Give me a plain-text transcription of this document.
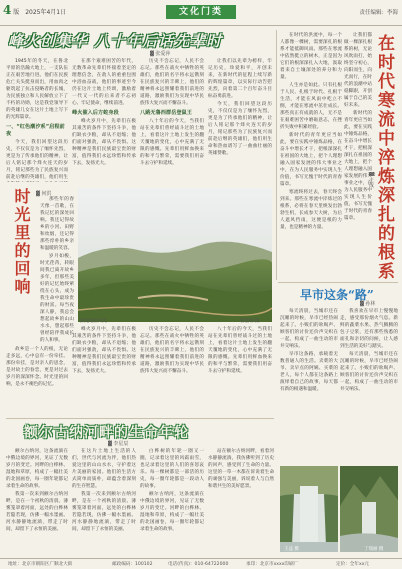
4 版 2025年4月1日	文化门类	责任编辑：李海
峰火创集华 八十年后话先辈时
▓ 张爱萍

1945年的冬天，在鲁北平原的浩瀚大地上，一支队伍正在艰苦地行进。他们在民族危亡关头挺身而出，用血肉之躯筑起了抗击侵略者的长城，为民族独立和人民解放立下了不朽的功勋，这是我党领导下的英雄儿女在这片土地上写下的光辉篇章。

一、“红色潮汐系”启程前夜

今天，我们回望这段历史，不仅仅是为了缅怀先烈，更是为了传承他们的精神，让后人铭记那个烽火连天的岁月，铭记那些为了民族复兴而前赴后继的英雄们，他们用生

在那个艰难困苦的年代，无数革命先辈们怀揣着坚定的理想信念，在敌人的重重包围中浴血奋战，他们的事迹至今仍在这片土地上传颂，激励着一代又一代的后来者不忘初心、牢记使命，继续前进。

峰火催入后方蛇身段

峰火岁月中，先辈们在极其艰苦的条件下坚持斗争，他们缺衣少粮，却从不退缩；他们面对强敌，却从不畏惧。这种精神是我们民族最宝贵的财富，值得我们永远珍惜和传承下去，发扬光大。

历史不会忘记，人民不会忘记。那些在战火中牺牲的英雄们，他们的名字将永远镌刻在民族复兴的丰碑上，他们的精神将永远照耀着我们前进的道路，激励我们为实现中华民族伟大复兴而不懈奋斗。

八路无鲁西群岳登鼠王

八十年后的今天，当我们站在先辈们曾经战斗过的土地上，看着这片土地上发生的翻天覆地的变化，心中充满了无限的感慨。先辈们用鲜血换来的和平与繁荣，需要我们用奋斗去守护和延续。

让我们以先辈为榜样，牢记历史，珍爱和平，开创未来，在新时代的征程上续写新的辉煌篇章，以实际行动告慰先烈，向着第二个百年奋斗目标奋勇前进。

今天，我们回望这段历史，不仅仅是为了缅怀先烈，更是为了传承他们的精神，让后人铭记那个烽火连天的岁月，铭记那些为了民族复兴而前赴后继的英雄们，他们用生命和热血谱写了一曲曲壮丽的英雄赞歌。

时光里的回响	▓ 何洪

那些年的春天像一首歌，在我记忆的深处回响。我还记得故乡的小河、田野和炊烟，还记得那些淳朴的乡亲和温暖的笑容。

岁月如梭，时光荏苒，转眼间我已离开故乡多年，但那些美好的记忆始终萦绕在心头，成为我生命中最珍贵的财富。每当夜深人静，我总会想起故乡的山山水水，想起那些曾经陪伴我成长的人和事。

黑龙地区风光	曹金瑞 摄

故乡是一个人的根，无论走多远，心中总有一份牵挂。那份牵挂，是对亲人的思念，是对故土的眷恋，更是对过去岁月的深深怀念。时光里的回响，是永不褪色的记忆。

峰火岁月中，先辈们在极其艰苦的条件下坚持斗争，他们缺衣少粮，却从不退缩；他们面对强敌，却从不畏惧。这种精神是我们民族最宝贵的财富，值得我们永远珍惜和传承下去，发扬光大。

历史不会忘记，人民不会忘记。那些在战火中牺牲的英雄们，他们的名字将永远镌刻在民族复兴的丰碑上，他们的精神将永远照耀着我们前进的道路，激励我们为实现中华民族伟大复兴而不懈奋斗。

八十年后的今天，当我们站在先辈们曾经战斗过的土地上，看着这片土地上发生的翻天覆地的变化，心中充满了无限的感慨。先辈们用鲜血换来的和平与繁荣，需要我们用奋斗去守护和延续。

在时代的洪流中，每一个人都像一棵树，需要深扎的根系才能抵御风雨。那些在寒流中依然挺立的树木，正是因为它们的根深深扎入大地，汲取着来自土壤深处的养分和力量。

人生亦是如此。只有扎根于人民、扎根于时代、扎根于生活，才能在风雨中屹立不倒，才能在寒流中茁壮成长。那些真正有成就的人，无不是在艰难困苦中磨砺意志，在挫折失败中积累经验。

新时代的青年更应当如此，要在实践中锤炼品格，在奋斗中增长才干，把根深深扎在祖国的大地上，把个人理想融入国家发展的伟大事业之中，在为人民服务中实现人生价值，书写无愧于时代的青春篇章。

寒流终将过去，春天终会到来。那些在寒流中淬炼过的根系，必将在春天里焕发出勃勃生机，长成参天大树，为后人遮风挡雨，这便是根的力量，也是精神的力量。

让我们都做一棵深扎根系的树，无论风吹雨打，始终坚守初心，向阳而生，向光而行，在时代的浪潮中站稳脚跟，开创属于自己的美好未来。

新时代的青年更应当如此，要在实践中锤炼品格，在奋斗中增长才干，把根深深扎在祖国的大地上，把个人理想融入国家发展的伟大事业之中，在为人民服务中实现人生价值，书写无愧于时代的青春篇章。 在时代寒流中淬炼深扎的根系
▓ 王成
早市这条“路”
▓ 孙林

每天清晨，当城市还在沉睡的时候，早市已经热闹起来了。小贩们的吆喝声、顾客们的讨价还价声交织在一起，构成了一曲生动的市井交响乐。

早市这条路，承载着无数普通人的生活。卖菜的大爷、卖早点的阿姨、买菜的老人，每个人都在这条路上演绎着自己的故事，每天都有新的相遇和温暖。

我喜欢在早市上慢慢地走，感受那份烟火气息。新鲜的蔬菜水果、热气腾腾的包子豆浆，还有那些熟悉的面孔和亲切的问候，让人感到生活的美好与踏实。

每天清晨，当城市还在沉睡的时候，早市已经热闹起来了。小贩们的吆喝声、顾客们的讨价还价声交织在一起，构成了一曲生动的市井交响乐。

王益 摄	丁瑞丽 摄
额尔古纳河畔的生命年轮
▓ 李星辰

额尔古纳河，这条流淌在中俄边境的界河，见证了无数岁月的变迁。河畔的白桦林、湿地和草原，构成了一幅壮美的北国画卷，每一圈年轮都记录着生命的故事。

我第一次来到额尔古纳河畔，是在一个初秋的清晨。薄雾笼罩着河面，远处的白桦林若隐若现，仿佛一幅水墨画。河水静静地流淌，带走了时间，却留下了永恒的美丽。

在这片土地上生活的人们，世代与河流为伴，他们热爱这里的山山水水，守护着这片美丽的家园。他们的生活方式简单而质朴，却蕴含着深刻的生存智慧。

我第一次来到额尔古纳河畔，是在一个初秋的清晨。薄雾笼罩着河面，远处的白桦林若隐若现，仿佛一幅水墨画。河水静静地流淌，带走了时间，却留下了永恒的美丽。

白桦树的年轮一圈又一圈，记录着这里的风霜雨雪，也记录着这里的人们的喜怒哀乐。每一棵树都是一部活的历史，每一圈年轮都是一段动人的故事。

额尔古纳河，这条流淌在中俄边境的界河，见证了无数岁月的变迁。河畔的白桦林、湿地和草原，构成了一幅壮美的北国画卷，每一圈年轮都记录着生命的故事。

站在额尔古纳河畔，看着河水静静流淌，我仿佛听到了历史的回声，感受到了生命的力量。这里的一草一木都在诉说着生命的顽强与美丽，诉说着人与自然和谐共生的美好愿景。

地址：北京市朝阳区广顺北大街	邮政编码：100102	电话(传真)：010-64722000	承印：北京市xxxx印刷厂	定价：全年xx元
